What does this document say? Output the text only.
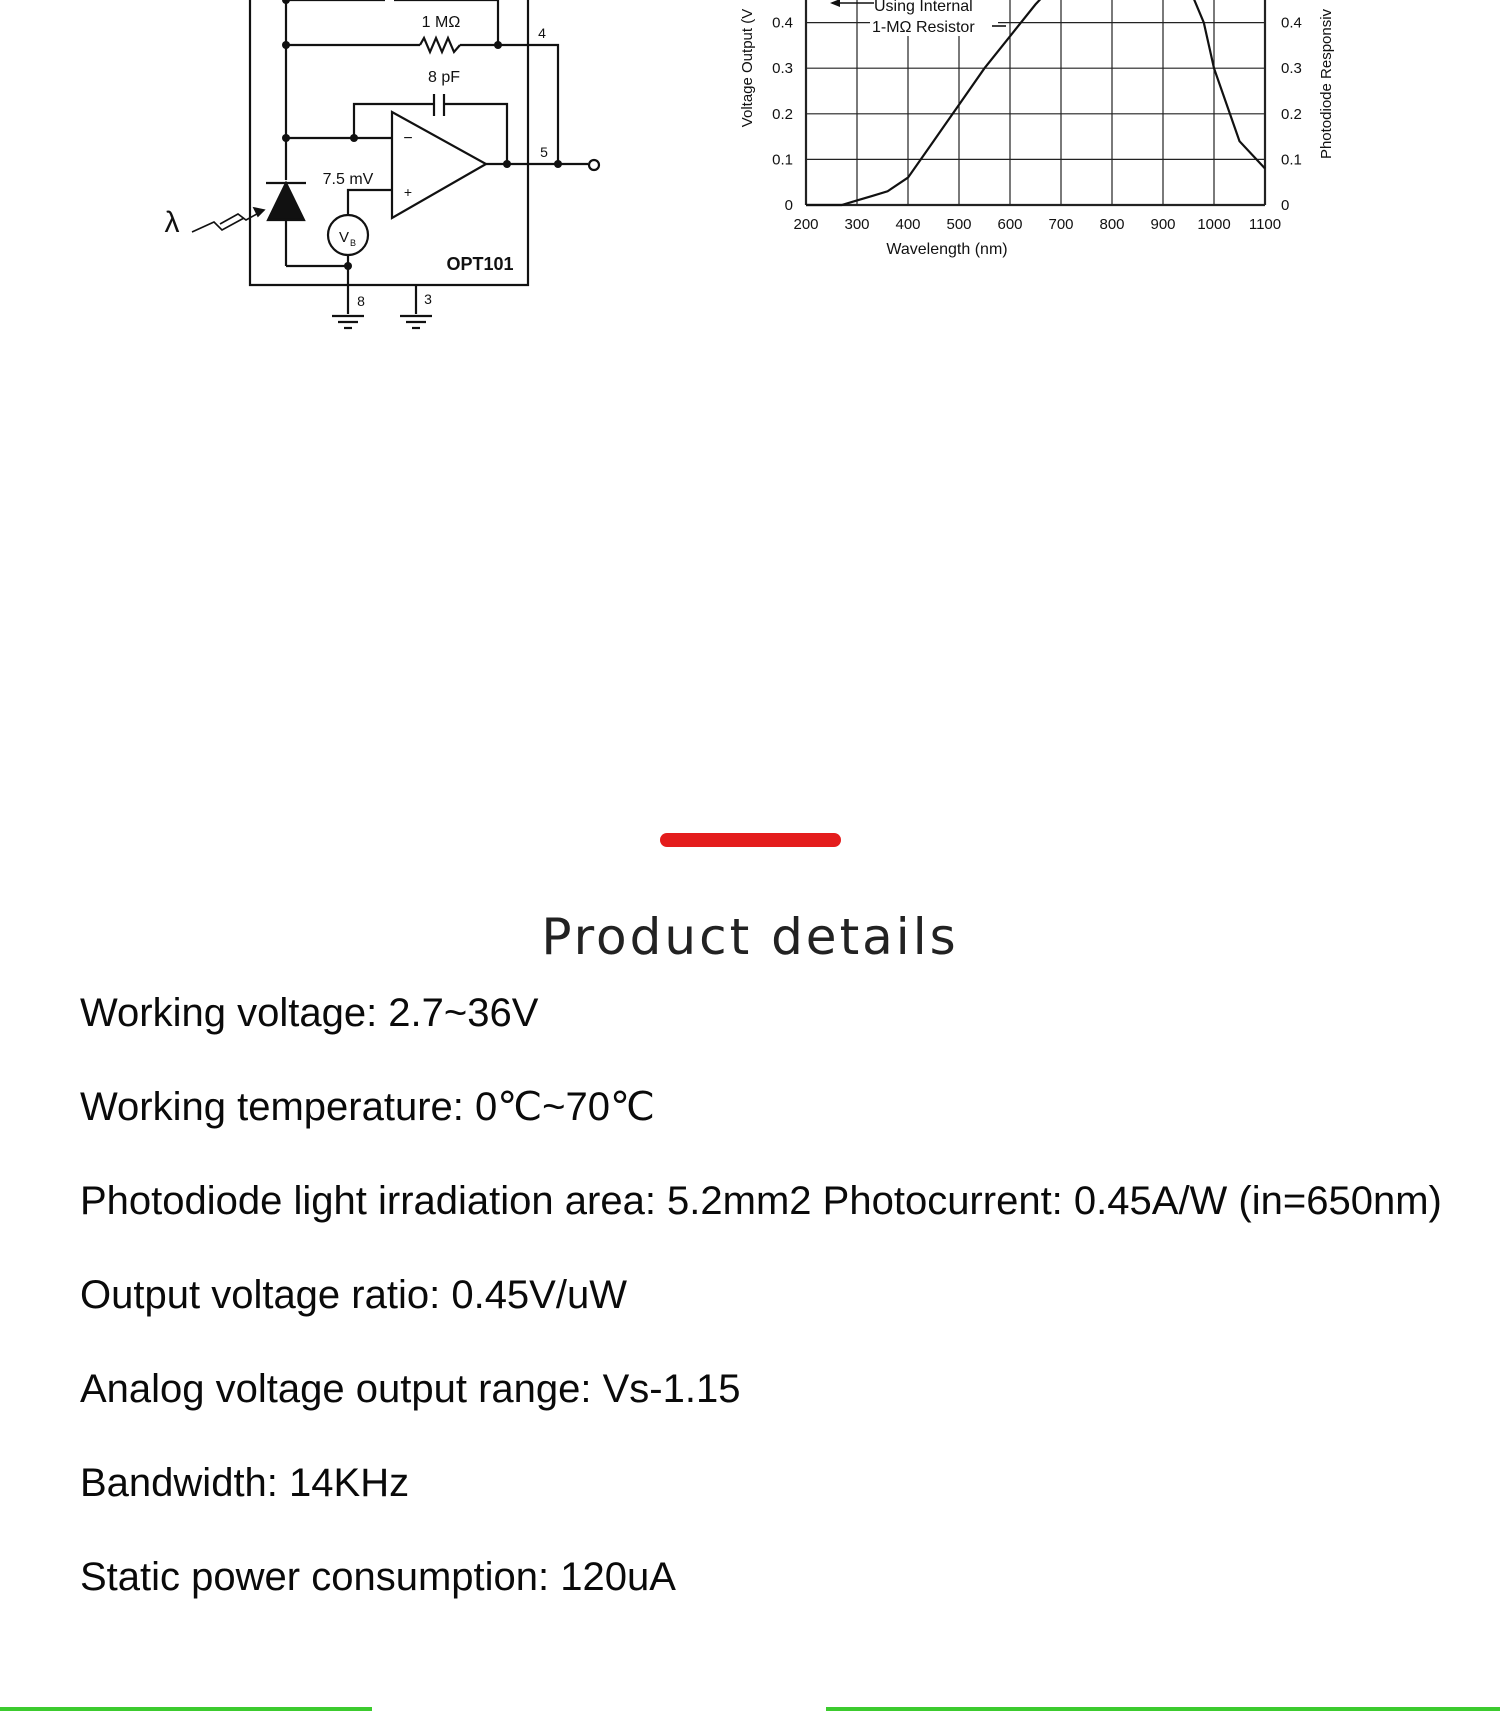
1 MΩ
8 pF
7.5 mV
V B
OPT101
λ
4
5
8	3
−
+
200 300 400 500 600 700 800 900 1000 1100
0
0.1
0.2
0.3
0.4
0
0.1
0.2
0.3
0.4
Using Internal
1-MΩ Resistor
Wavelength (nm)
Voltage Output (V	Photodiode Responsiv
Product details
Working voltage: 2.7~36V
Working temperature: 0℃~70℃
Photodiode light irradiation area: 5.2mm2 Photocurrent: 0.45A/W (in=650nm)
Output voltage ratio: 0.45V/uW
Analog voltage output range: Vs-1.15
Bandwidth: 14KHz
Static power consumption: 120uA
